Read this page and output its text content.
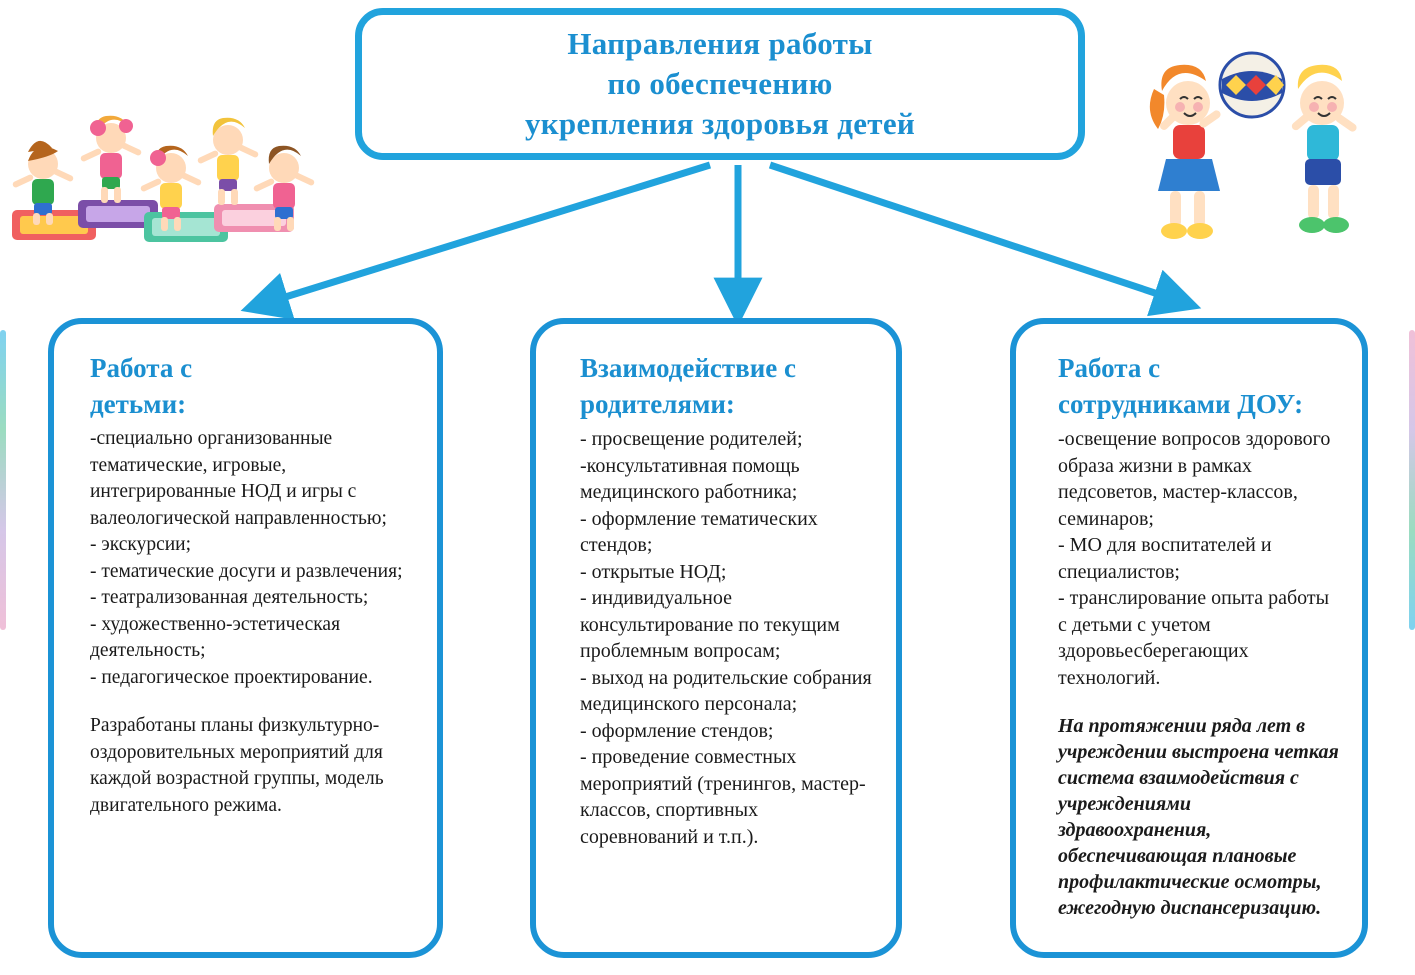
Направления работы
по обеспечению
укрепления здоровья детей
Работа с
детьми:

-специально организованные тематические, игровые, интегрированные НОД и игры с валеологической направленностью;

- экскурсии;

- тематические досуги и развлечения;

- театрализованная деятельность;

- художественно-эстетическая деятельность;

- педагогическое проектирование.

Разработаны планы физкультурно-оздоровительных мероприятий для каждой возрастной группы, модель двигательного режима.

Взаимодействие с
родителями:

- просвещение родителей;

-консультативная помощь медицинского работника;

- оформление тематических стендов;

- открытые НОД;

- индивидуальное консультирование по текущим проблемным вопросам;

- выход на родительские собрания медицинского персонала;

- оформление стендов;

- проведение совместных мероприятий (тренингов, мастер-классов, спортивных соревнований и т.п.).

Работа с
сотрудниками ДОУ:

-освещение вопросов здорового образа жизни в рамках педсоветов, мастер-классов, семинаров;

- МО для воспитателей и специалистов;

- транслирование опыта работы с детьми с учетом здоровьесберегающих технологий.

На протяжении ряда лет в учреждении выстроена четкая система взаимодействия с учреждениями здравоохранения, обеспечивающая плановые профилактические осмотры, ежегодную диспансеризацию.
